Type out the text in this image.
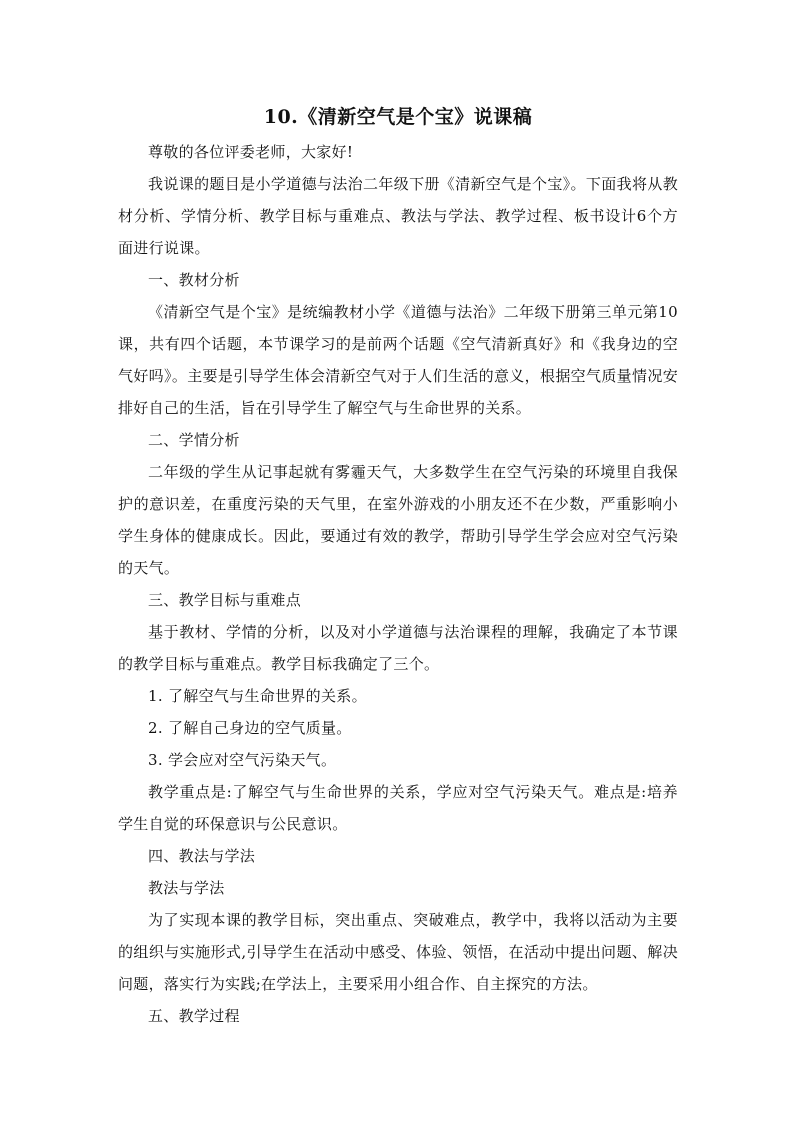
10.《清新空气是个宝》说课稿

尊敬的各位评委老师，大家好!

我说课的题目是小学道德与法治二年级下册《清新空气是个宝》。下面我将从教材分析、学情分析、教学目标与重难点、教法与学法、教学过程、板书设计6个方面进行说课。

一、教材分析

《清新空气是个宝》是统编教材小学《道德与法治》二年级下册第三单元第10课，共有四个话题，本节课学习的是前两个话题《空气清新真好》和《我身边的空气好吗》。主要是引导学生体会清新空气对于人们生活的意义，根据空气质量情况安排好自己的生活，旨在引导学生了解空气与生命世界的关系。

二、学情分析

二年级的学生从记事起就有雾霾天气，大多数学生在空气污染的环境里自我保护的意识差，在重度污染的天气里，在室外游戏的小朋友还不在少数，严重影响小学生身体的健康成长。因此，要通过有效的教学，帮助引导学生学会应对空气污染的天气。

三、教学目标与重难点

基于教材、学情的分析，以及对小学道德与法治课程的理解，我确定了本节课的教学目标与重难点。教学目标我确定了三个。

1. 了解空气与生命世界的关系。

2. 了解自己身边的空气质量。

3. 学会应对空气污染天气。

教学重点是:了解空气与生命世界的关系，学应对空气污染天气。难点是:培养学生自觉的环保意识与公民意识。

四、教法与学法

教法与学法

为了实现本课的教学目标，突出重点、突破难点，教学中，我将以活动为主要的组织与实施形式,引导学生在活动中感受、体验、领悟，在活动中提出问题、解决问题，落实行为实践;在学法上，主要采用小组合作、自主探究的方法。

五、教学过程
